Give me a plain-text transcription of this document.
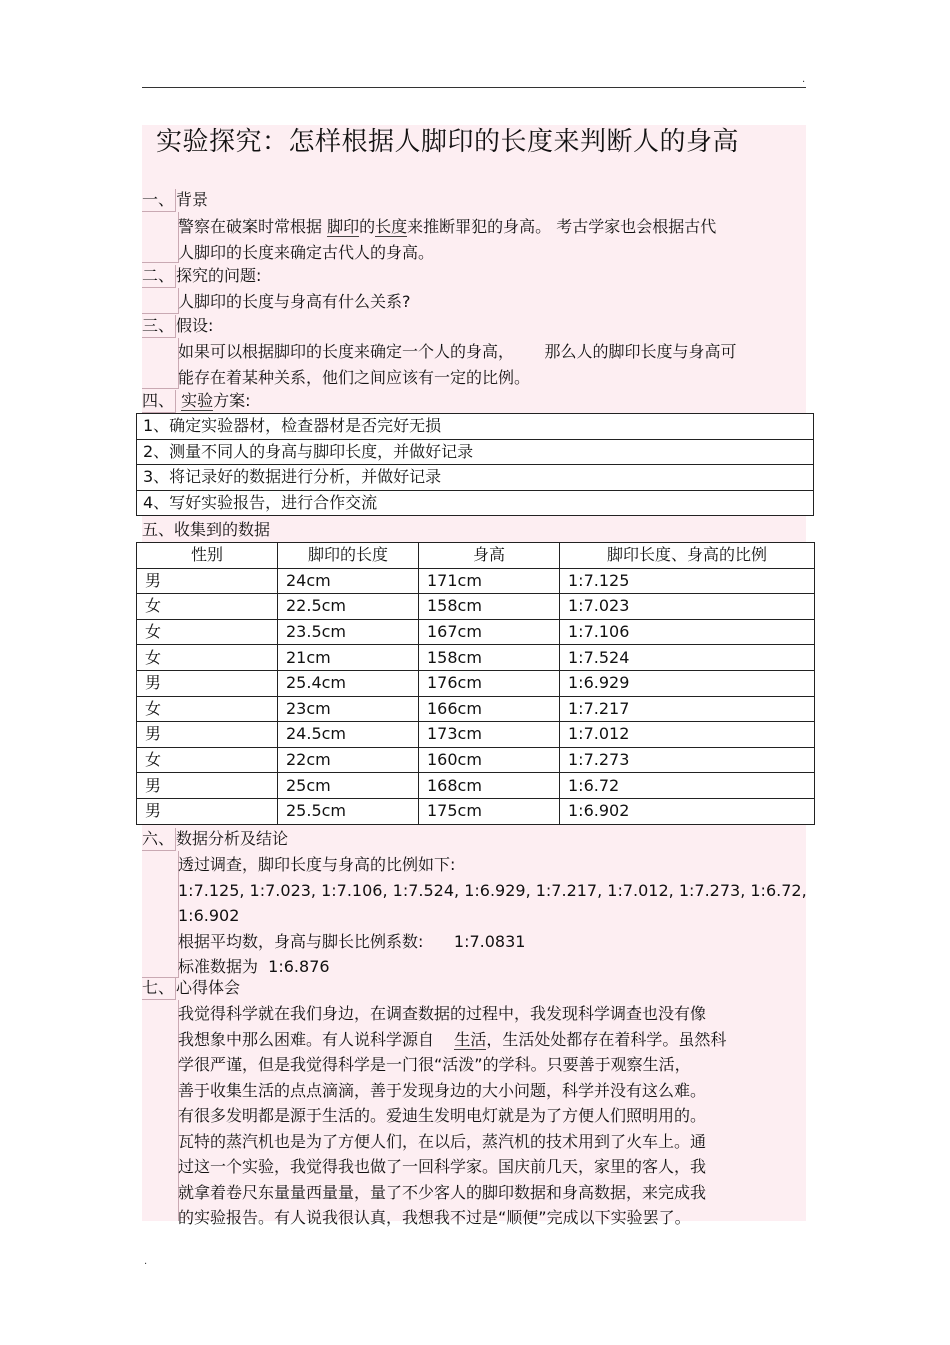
.
实验探究：怎样根据人脚印的长度来判断人的身高
一、 背景
警察在破案时常根据 脚印的长度来推断罪犯的身高。 考古学家也会根据古代
人脚印的长度来确定古代人的身高。
二、 探究的问题:
人脚印的长度与身高有什么关系?
三、 假设:
如果可以根据脚印的长度来确定一个人的身高，      那么人的脚印长度与身高可
能存在着某种关系，他们之间应该有一定的比例。
四、 实验方案:
1、确定实验器材，检查器材是否完好无损
2、测量不同人的身高与脚印长度，并做好记录
3、将记录好的数据进行分析，并做好记录
4、写好实验报告，进行合作交流
五、收集到的数据
性别	脚印的长度	身高	脚印长度、身高的比例
男	24cm	171cm	1:7.125
女	22.5cm	158cm	1:7.023
女	23.5cm	167cm	1:7.106
女	21cm	158cm	1:7.524
男	25.4cm	176cm	1:6.929
女	23cm	166cm	1:7.217
男	24.5cm	173cm	1:7.012
女	22cm	160cm	1:7.273
男	25cm	168cm	1:6.72
男	25.5cm	175cm	1:6.902
六、 数据分析及结论
透过调查，脚印长度与身高的比例如下:
1:7.125, 1:7.023, 1:7.106, 1:7.524, 1:6.929, 1:7.217, 1:7.012, 1:7.273, 1:6.72,
1:6.902
根据平均数，身高与脚长比例系数:      1:7.0831
标准数据为  1:6.876
七、 心得体会
我觉得科学就在我们身边，在调查数据的过程中，我发现科学调查也没有像
我想象中那么困难。有人说科学源自    生活，生活处处都存在着科学。虽然科
学很严谨，但是我觉得科学是一门很“活泼”的学科。只要善于观察生活，
善于收集生活的点点滴滴，善于发现身边的大小问题，科学并没有这么难。
有很多发明都是源于生活的。爱迪生发明电灯就是为了方便人们照明用的。
瓦特的蒸汽机也是为了方便人们，在以后，蒸汽机的技术用到了火车上。通
过这一个实验，我觉得我也做了一回科学家。国庆前几天，家里的客人，我
就拿着卷尺东量量西量量，量了不少客人的脚印数据和身高数据，来完成我
的实验报告。有人说我很认真，我想我不过是“顺便”完成以下实验罢了。
.
